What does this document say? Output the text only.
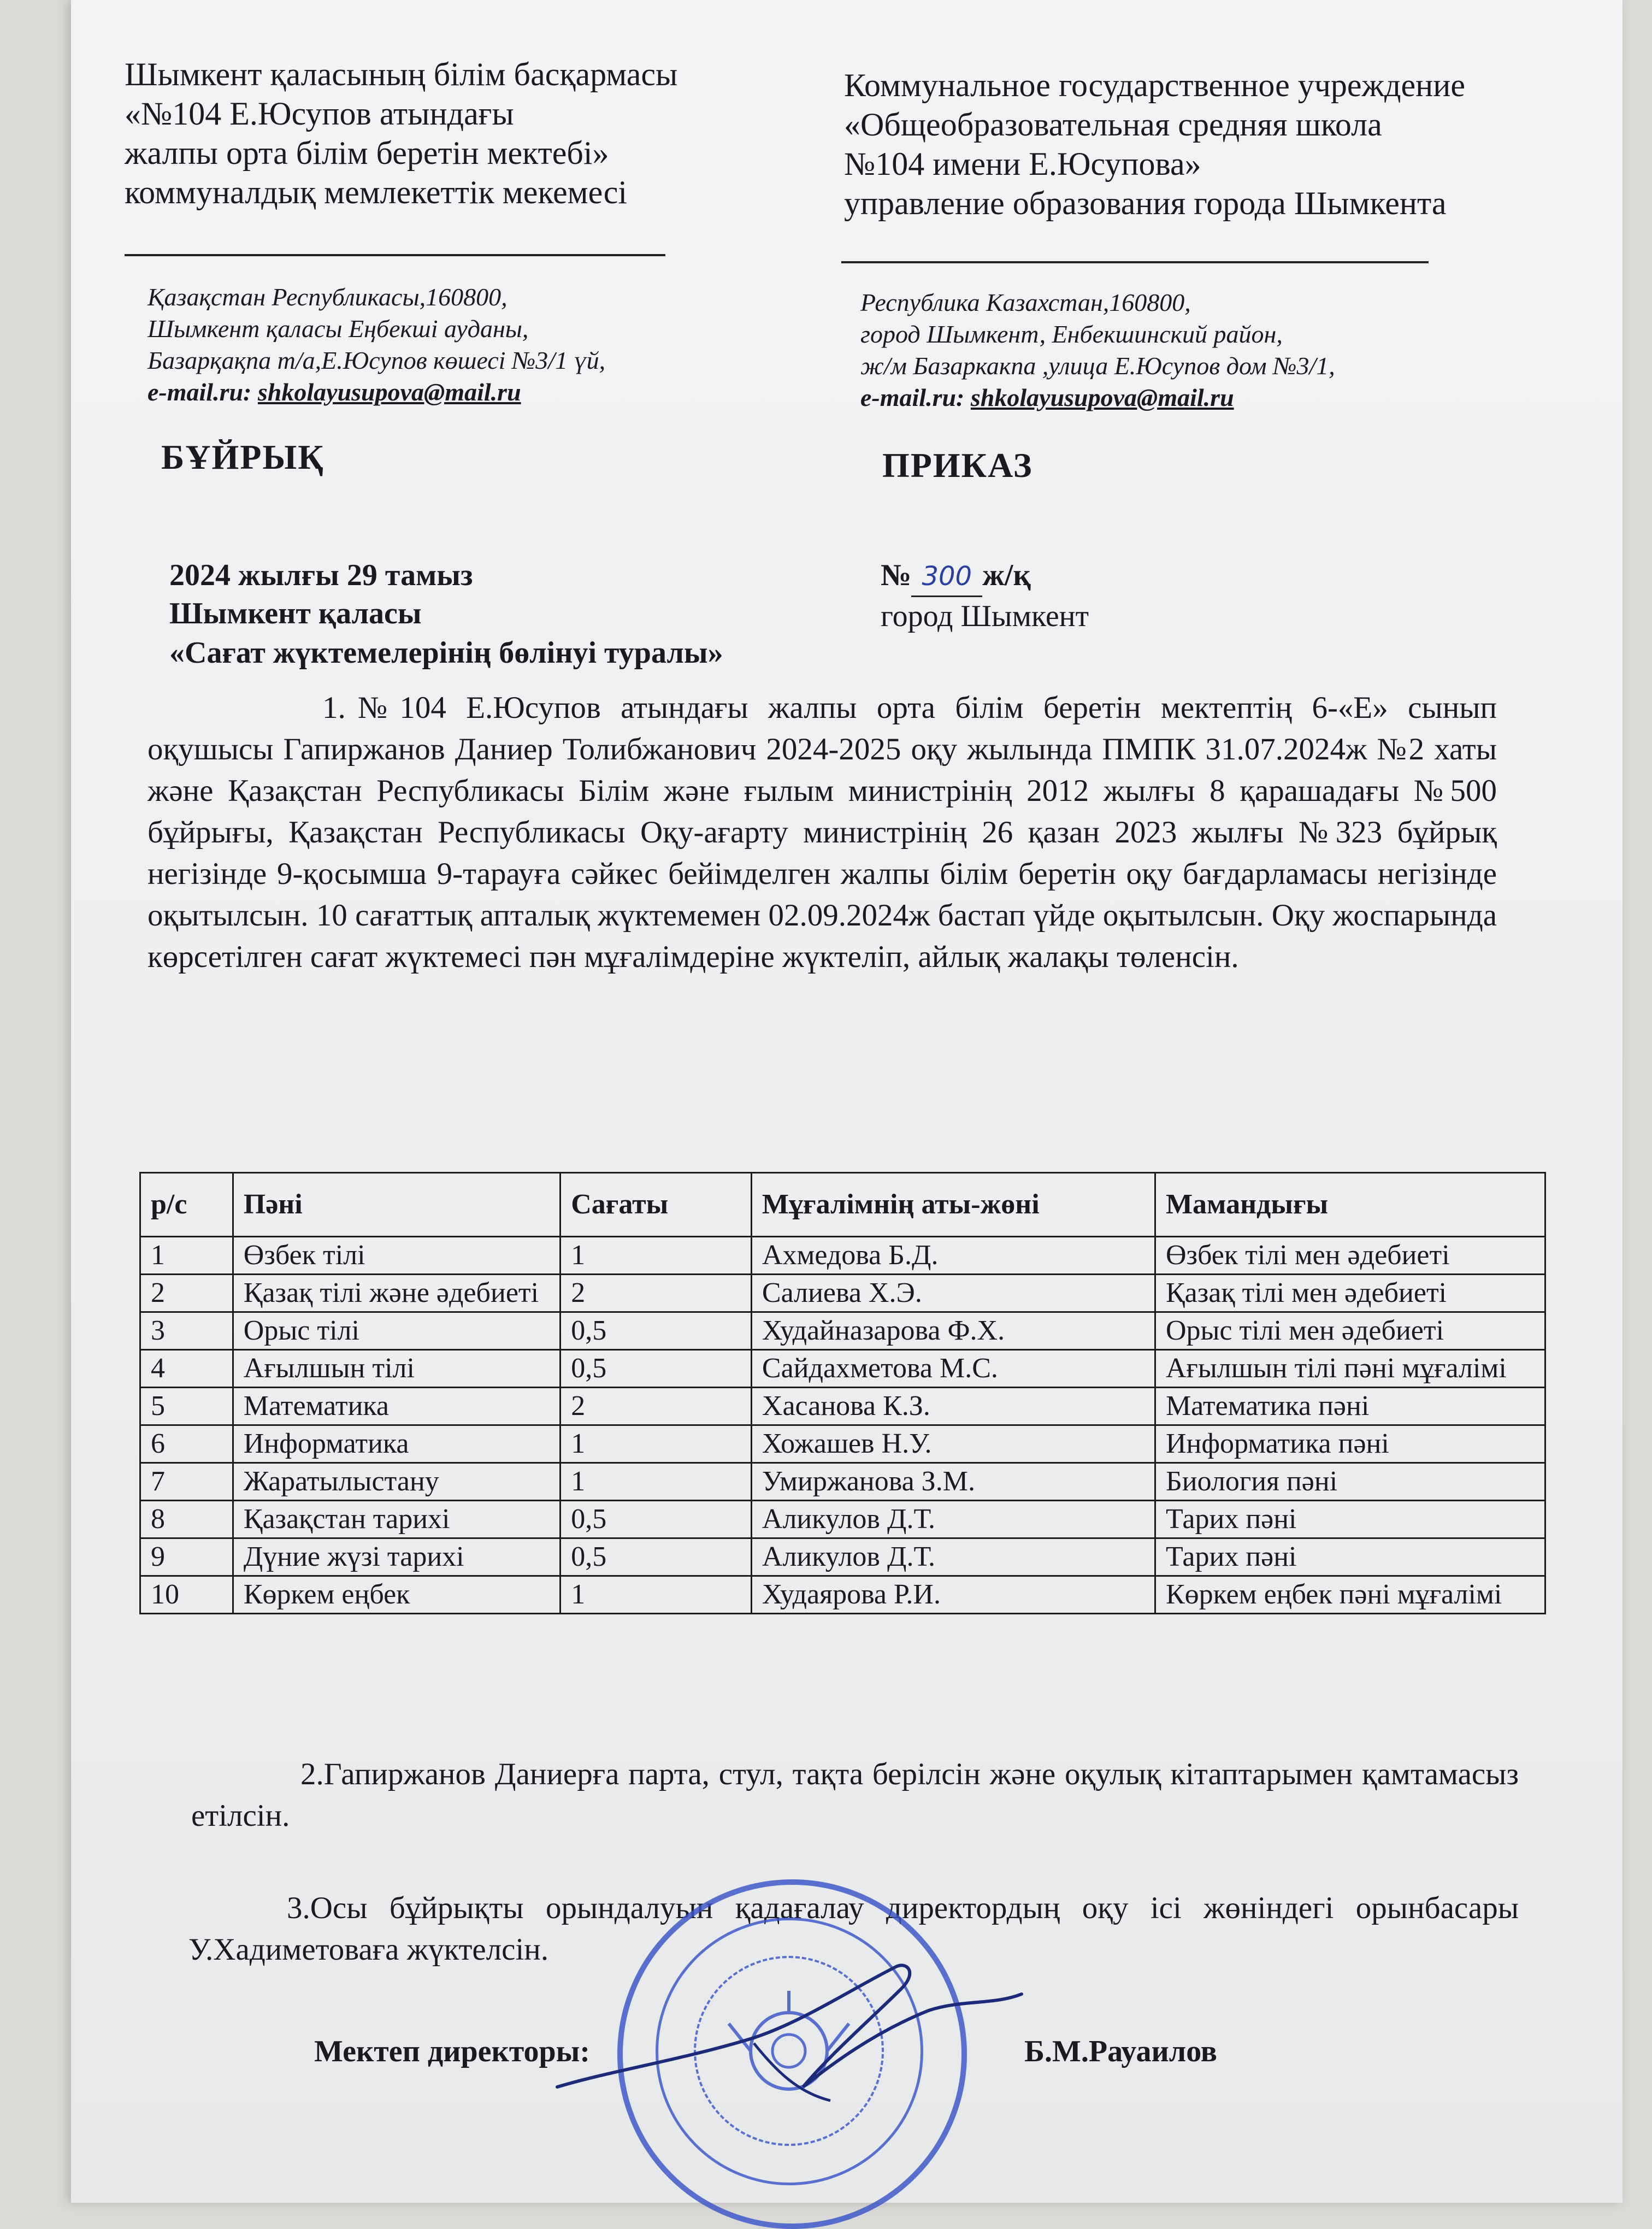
Шымкент қаласының білім басқармасы
«№104 Е.Юсупов атындағы
жалпы орта білім беретін мектебі»
коммуналдық мемлекеттік мекемесі
Коммунальное государственное учреждение
«Общеобразовательная средняя школа
№104 имени Е.Юсупова»
управление образования города Шымкента
Қазақстан Республикасы,160800,
Шымкент қаласы Еңбекші ауданы,
Базарқақпа т/а,Е.Юсупов көшесі №3/1 үй,
e-mail.ru: shkolayusupova@mail.ru
Республика Казахстан,160800,
город Шымкент, Енбекшинский район,
ж/м Базаркакпа ,улица Е.Юсупов дом №3/1,
e-mail.ru: shkolayusupova@mail.ru
БҰЙРЫҚ	ПРИКАЗ
2024 жылғы 29 тамыз
Шымкент қаласы
№ 300 ж/қ
город Шымкент
«Сағат жүктемелерінің бөлінуі туралы»
1.№104 Е.Юсупов атындағы жалпы орта білім беретін мектептің 6-«Е» сынып оқушысы Гапиржанов Даниер Толибжанович 2024-2025 оқу жылында ПМПК 31.07.2024ж №2 хаты және Қазақстан Республикасы Білім және ғылым министрінің 2012 жылғы 8 қарашадағы №500 бұйрығы, Қазақстан Республикасы Оқу-ағарту министрінің 26 қазан 2023 жылғы №323 бұйрық негізінде 9-қосымша 9-тарауға сәйкес бейімделген жалпы білім беретін оқу бағдарламасы негізінде оқытылсын. 10 сағаттық апталық жүктемемен 02.09.2024ж бастап үйде оқытылсын. Оқу жоспарында көрсетілген сағат жүктемесі пән мұғалімдеріне жүктеліп, айлық жалақы төленсін.
р/с	Пәні	Сағаты	Мұғалімнің аты-жөні	Мамандығы
1	Өзбек тілі	1	Ахмедова Б.Д.	Өзбек тілі мен әдебиеті
2	Қазақ тілі және әдебиеті	2	Салиева Х.Э.	Қазақ тілі мен әдебиеті
3	Орыс тілі	0,5	Худайназарова Ф.Х.	Орыс тілі мен әдебиеті
4	Ағылшын тілі	0,5	Сайдахметова М.С.	Ағылшын тілі пәні мұғалімі
5	Математика	2	Хасанова К.З.	Математика пәні
6	Информатика	1	Хожашев Н.У.	Информатика пәні
7	Жаратылыстану	1	Умиржанова З.М.	Биология пәні
8	Қазақстан тарихі	0,5	Аликулов Д.Т.	Тарих пәні
9	Дүние жүзі тарихі	0,5	Аликулов Д.Т.	Тарих пәні
10	Көркем еңбек	1	Худаярова Р.И.	Көркем еңбек пәні мұғалімі
2.Гапиржанов Даниерға парта, стул, тақта берілсін және оқулық кітаптарымен қамтамасыз етілсін.
3.Осы бұйрықты орындалуын қадағалау директордың оқу ісі жөніндегі орынбасары У.Хадиметоваға жүктелсін.
Мектеп директоры:	Б.М.Рауаилов
